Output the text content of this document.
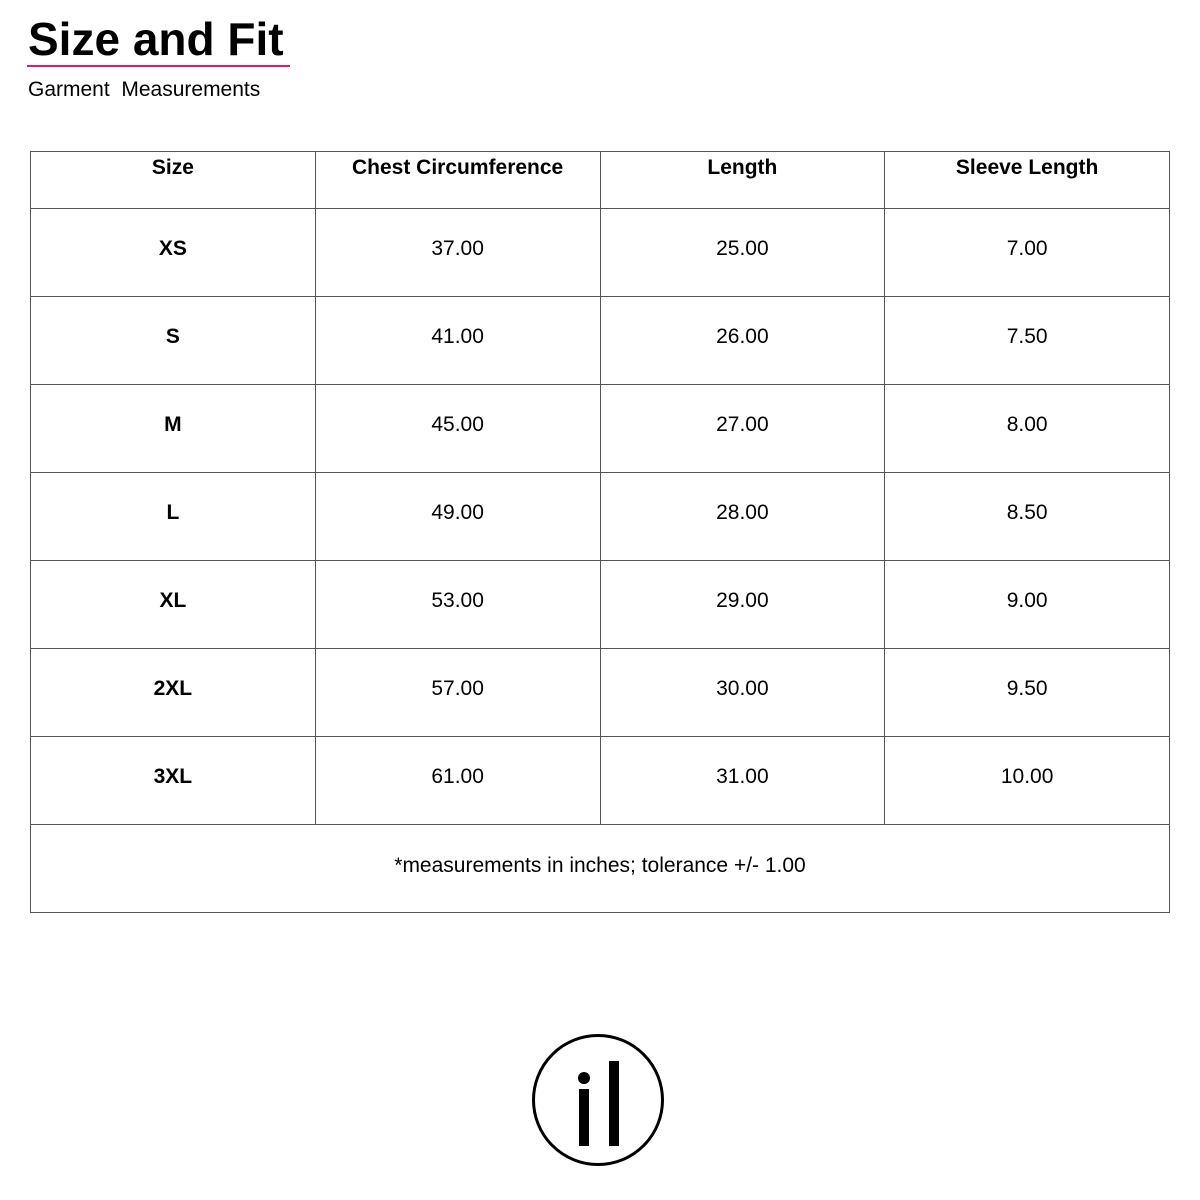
Size and Fit
Garment  Measurements
Size	Chest Circumference	Length	Sleeve Length
XS	37.00	25.00	7.00
S	41.00	26.00	7.50
M	45.00	27.00	8.00
L	49.00	28.00	8.50
XL	53.00	29.00	9.00
2XL	57.00	30.00	9.50
3XL	61.00	31.00	10.00
*measurements in inches; tolerance +/- 1.00			
